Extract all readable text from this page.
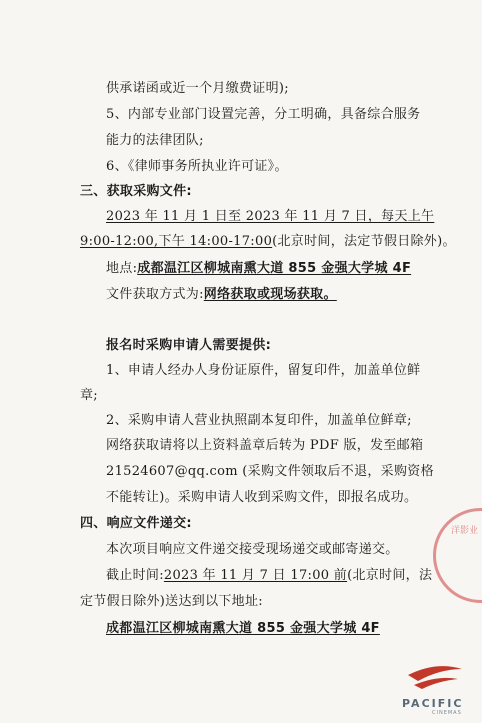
供承诺函或近一个月缴费证明);
5、内部专业部门设置完善，分工明确，具备综合服务
能力的法律团队;
6、《律师事务所执业许可证》。
三、获取采购文件:
2023 年 11 月 1 日至 2023 年 11 月 7 日，每天上午
9:00-12:00,下午 14:00-17:00(北京时间，法定节假日除外)。
地点:成都温江区柳城南熏大道 855 金强大学城 4F
文件获取方式为:网络获取或现场获取。
报名时采购申请人需要提供:
1、申请人经办人身份证原件，留复印件，加盖单位鲜
章;
2、采购申请人营业执照副本复印件，加盖单位鲜章;
网络获取请将以上资料盖章后转为 PDF 版，发至邮箱
21524607@qq.com (采购文件领取后不退，采购资格
不能转让)。采购申请人收到采购文件，即报名成功。
四、响应文件递交:
本次项目响应文件递交接受现场递交或邮寄递交。
截止时间:2023 年 11 月 7 日 17:00 前(北京时间，法
定节假日除外)送达到以下地址:
成都温江区柳城南熏大道 855 金强大学城 4F
洋影业
PACIFIC
CINEMAS
